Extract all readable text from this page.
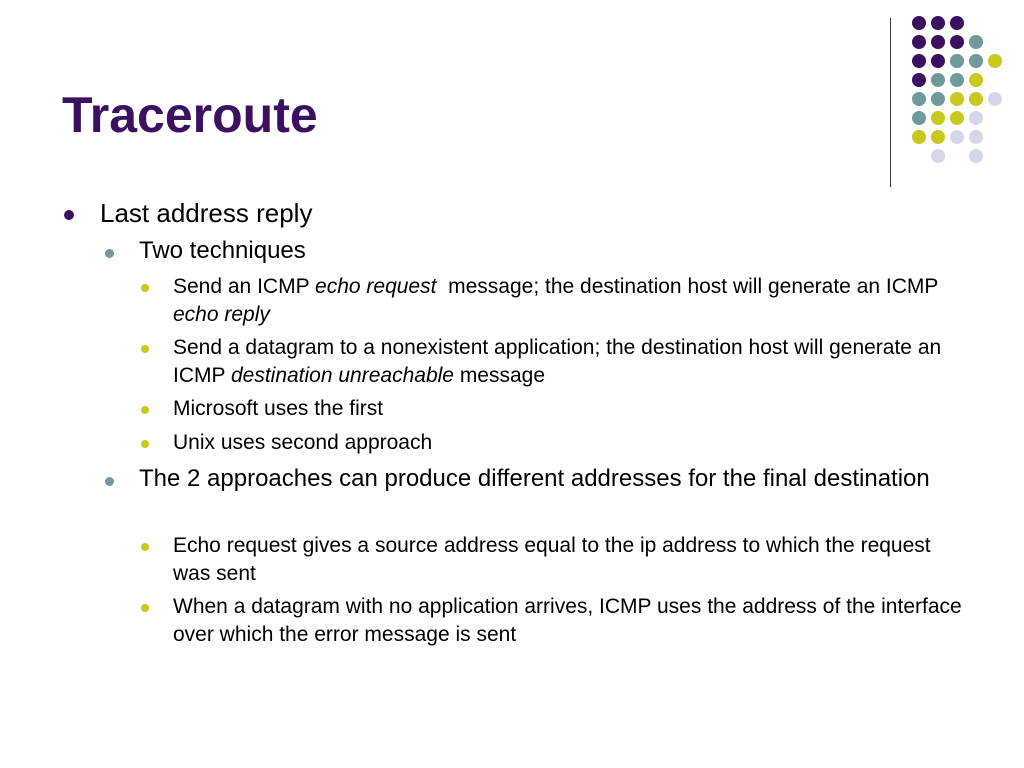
Traceroute
Last address reply
Two techniques
Send an ICMP echo request  message; the destination host will generate an ICMP echo reply
Send a datagram to a nonexistent application; the destination host will generate an ICMP destination unreachable message
Microsoft uses the first
Unix uses second approach
The 2 approaches can produce different addresses for the final destination
Echo request gives a source address equal to the ip address to which the request was sent
When a datagram with no application arrives, ICMP uses the address of the interface over which the error message is sent
